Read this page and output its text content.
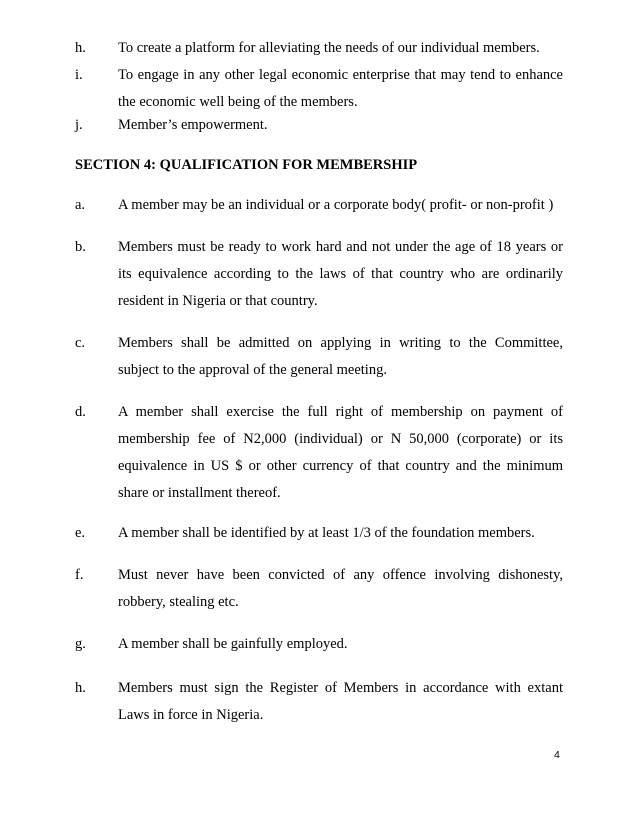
h. To create a platform for alleviating the needs of our individual members.
i. To engage in any other legal economic enterprise that may tend to enhance
the economic well being of the members.
j. Member’s empowerment.
SECTION 4: QUALIFICATION FOR MEMBERSHIP
a. A member may be an individual or a corporate body( profit- or non-profit )
b. Members must be ready to work hard and not under the age of 18 years or
its equivalence according to the laws of that country who are ordinarily
resident in Nigeria or that country.
c. Members shall be admitted on applying in writing to the Committee,
subject to the approval of the general meeting.
d. A member shall exercise the full right of membership on payment of
membership fee of N2,000 (individual) or N 50,000 (corporate) or its
equivalence in US $ or other currency of that country and the minimum
share or installment thereof.
e. A member shall be identified by at least 1/3 of the foundation members.
f. Must never have been convicted of any offence involving dishonesty,
robbery, stealing etc.
g. A member shall be gainfully employed.
h. Members must sign the Register of Members in accordance with extant
Laws in force in Nigeria.
4
